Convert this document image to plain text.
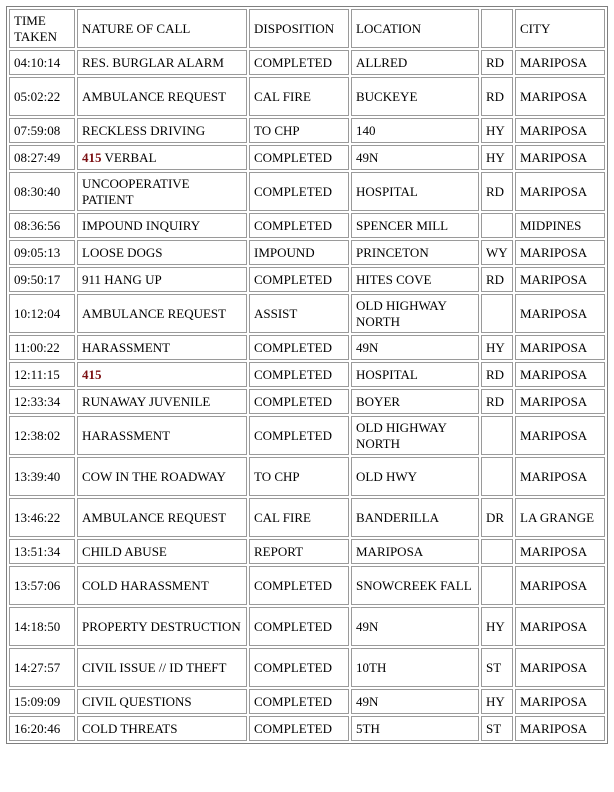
TIME TAKEN	NATURE OF CALL	DISPOSITION	LOCATION		CITY
04:10:14	RES. BURGLAR ALARM	COMPLETED	ALLRED	RD	MARIPOSA
05:02:22	AMBULANCE REQUEST	CAL FIRE	BUCKEYE	RD	MARIPOSA
07:59:08	RECKLESS DRIVING	TO CHP	140	HY	MARIPOSA
08:27:49	415 VERBAL	COMPLETED	49N	HY	MARIPOSA
08:30:40	UNCOOPERATIVE PATIENT	COMPLETED	HOSPITAL	RD	MARIPOSA
08:36:56	IMPOUND INQUIRY	COMPLETED	SPENCER MILL		MIDPINES
09:05:13	LOOSE DOGS	IMPOUND	PRINCETON	WY	MARIPOSA
09:50:17	911 HANG UP	COMPLETED	HITES COVE	RD	MARIPOSA
10:12:04	AMBULANCE REQUEST	ASSIST	OLD HIGHWAY NORTH		MARIPOSA
11:00:22	HARASSMENT	COMPLETED	49N	HY	MARIPOSA
12:11:15	415	COMPLETED	HOSPITAL	RD	MARIPOSA
12:33:34	RUNAWAY JUVENILE	COMPLETED	BOYER	RD	MARIPOSA
12:38:02	HARASSMENT	COMPLETED	OLD HIGHWAY NORTH		MARIPOSA
13:39:40	COW IN THE ROADWAY	TO CHP	OLD HWY		MARIPOSA
13:46:22	AMBULANCE REQUEST	CAL FIRE	BANDERILLA	DR	LA GRANGE
13:51:34	CHILD ABUSE	REPORT	MARIPOSA		MARIPOSA
13:57:06	COLD HARASSMENT	COMPLETED	SNOWCREEK FALL		MARIPOSA
14:18:50	PROPERTY DESTRUCTION	COMPLETED	49N	HY	MARIPOSA
14:27:57	CIVIL ISSUE // ID THEFT	COMPLETED	10TH	ST	MARIPOSA
15:09:09	CIVIL QUESTIONS	COMPLETED	49N	HY	MARIPOSA
16:20:46	COLD THREATS	COMPLETED	5TH	ST	MARIPOSA
